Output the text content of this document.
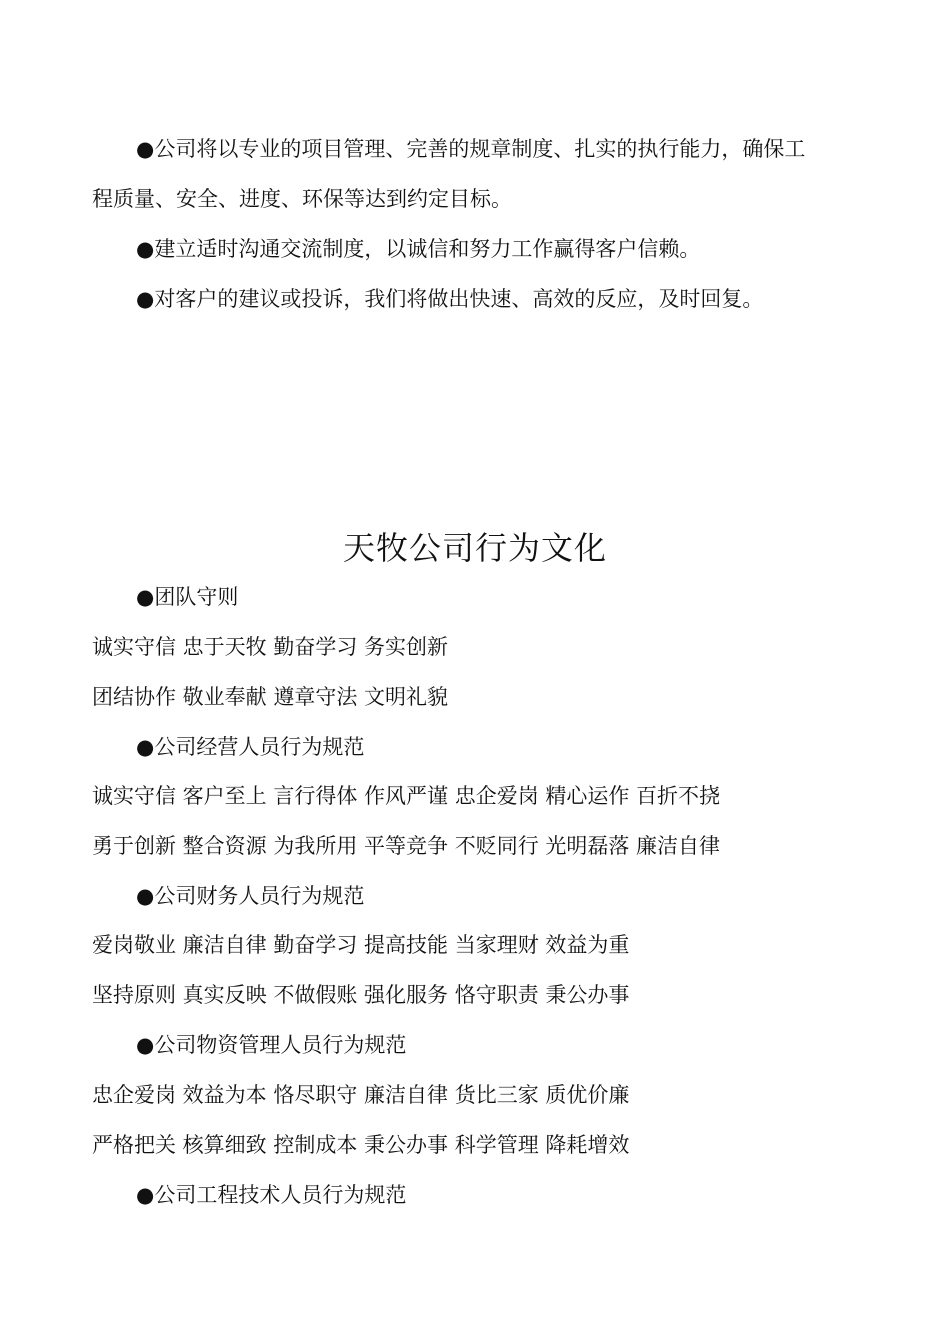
●公司将以专业的项目管理、完善的规章制度、扎实的执行能力，确保工
程质量、安全、进度、环保等达到约定目标。
●建立适时沟通交流制度，以诚信和努力工作赢得客户信赖。
●对客户的建议或投诉，我们将做出快速、高效的反应，及时回复。
天牧公司行为文化
●团队守则
诚实守信 忠于天牧 勤奋学习 务实创新
团结协作 敬业奉献 遵章守法 文明礼貌
●公司经营人员行为规范
诚实守信 客户至上 言行得体 作风严谨 忠企爱岗 精心运作 百折不挠
勇于创新 整合资源 为我所用 平等竞争 不贬同行 光明磊落 廉洁自律
●公司财务人员行为规范
爱岗敬业 廉洁自律 勤奋学习 提高技能 当家理财 效益为重
坚持原则 真实反映 不做假账 强化服务 恪守职责 秉公办事
●公司物资管理人员行为规范
忠企爱岗 效益为本 恪尽职守 廉洁自律 货比三家 质优价廉
严格把关 核算细致 控制成本 秉公办事 科学管理 降耗增效
●公司工程技术人员行为规范
